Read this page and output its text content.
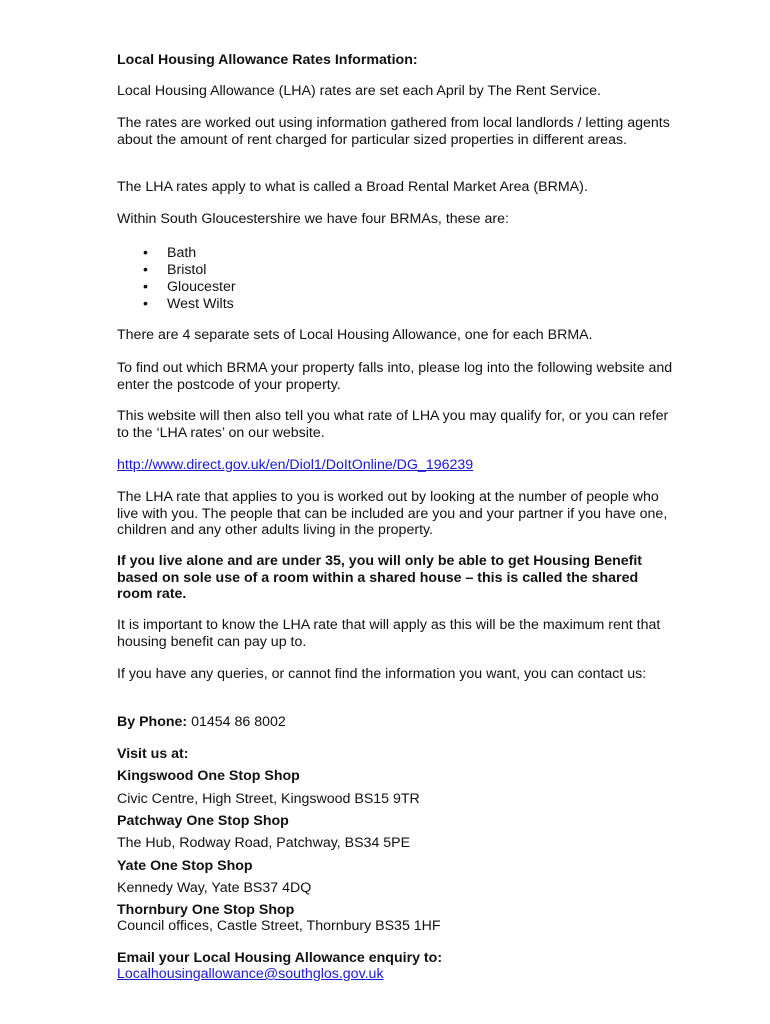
Local Housing Allowance Rates Information:
Local Housing Allowance (LHA) rates are set each April by The Rent Service.
The rates are worked out using information gathered from local landlords / letting agents about the amount of rent charged for particular sized properties in different areas.
The LHA rates apply to what is called a Broad Rental Market Area (BRMA).
Within South Gloucestershire we have four BRMAs, these are:
• Bath
• Bristol
• Gloucester
• West Wilts
There are 4 separate sets of Local Housing Allowance, one for each BRMA.
To find out which BRMA your property falls into, please log into the following website and enter the postcode of your property.
This website will then also tell you what rate of LHA you may qualify for, or you can refer to the ‘LHA rates’ on our website.
http://www.direct.gov.uk/en/Diol1/DoItOnline/DG_196239
The LHA rate that applies to you is worked out by looking at the number of people who live with you. The people that can be included are you and your partner if you have one, children and any other adults living in the property.
If you live alone and are under 35, you will only be able to get Housing Benefit based on sole use of a room within a shared house – this is called the shared room rate.
It is important to know the LHA rate that will apply as this will be the maximum rent that housing benefit can pay up to.
If you have any queries, or cannot find the information you want, you can contact us:
By Phone: 01454 86 8002
Visit us at:
Kingswood One Stop Shop
Civic Centre, High Street, Kingswood BS15 9TR
Patchway One Stop Shop
The Hub, Rodway Road, Patchway, BS34 5PE
Yate One Stop Shop
Kennedy Way, Yate BS37 4DQ
Thornbury One Stop Shop
Council offices, Castle Street, Thornbury BS35 1HF
Email your Local Housing Allowance enquiry to:
Localhousingallowance@southglos.gov.uk
